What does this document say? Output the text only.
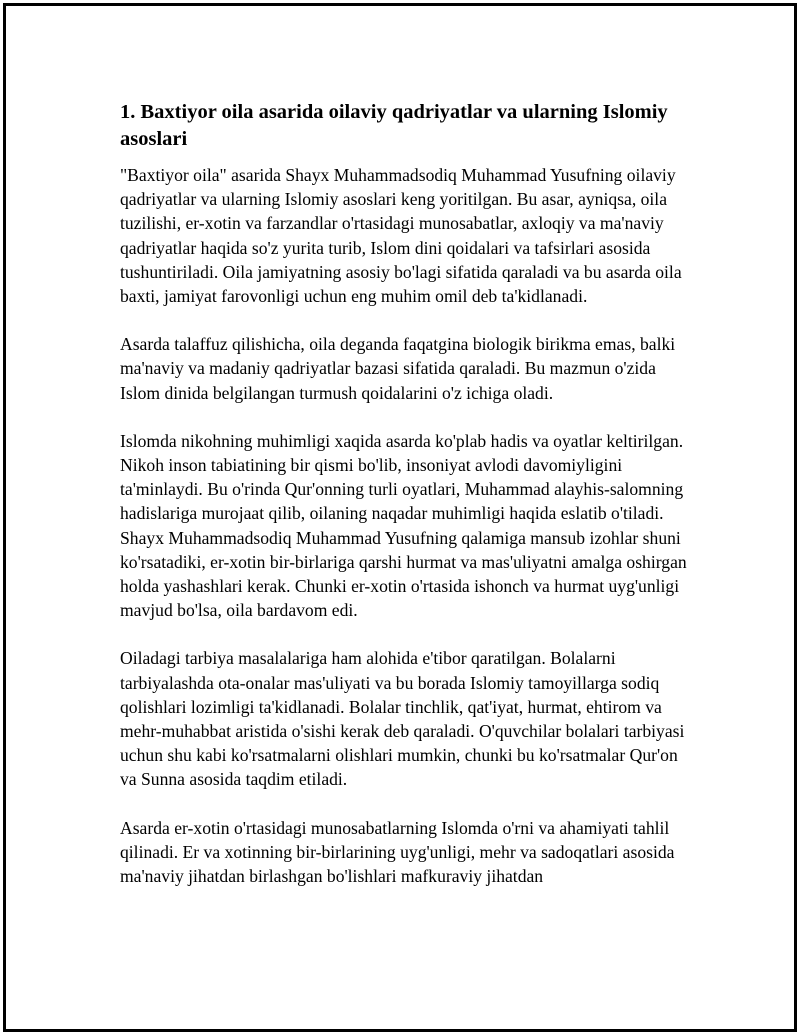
1. Baxtiyor oila asarida oilaviy qadriyatlar va ularning Islomiy asoslari

"Baxtiyor oila" asarida Shayx Muhammadsodiq Muhammad Yusufning oilaviy qadriyatlar va ularning Islomiy asoslari keng yoritilgan. Bu asar, ayniqsa, oila tuzilishi, er-xotin va farzandlar o'rtasidagi munosabatlar, axloqiy va ma'naviy qadriyatlar haqida so'z yurita turib, Islom dini qoidalari va tafsirlari asosida tushuntiriladi. Oila jamiyatning asosiy bo'lagi sifatida qaraladi va bu asarda oila baxti, jamiyat farovonligi uchun eng muhim omil deb ta'kidlanadi.

Asarda talaffuz qilishicha, oila deganda faqatgina biologik birikma emas, balki ma'naviy va madaniy qadriyatlar bazasi sifatida qaraladi. Bu mazmun o'zida Islom dinida belgilangan turmush qoidalarini o'z ichiga oladi.

Islomda nikohning muhimligi xaqida asarda ko'plab hadis va oyatlar keltirilgan. Nikoh inson tabiatining bir qismi bo'lib, insoniyat avlodi davomiyligini ta'minlaydi. Bu o'rinda Qur'onning turli oyatlari, Muhammad alayhis-salomning hadislariga murojaat qilib, oilaning naqadar muhimligi haqida eslatib o'tiladi. Shayx Muhammadsodiq Muhammad Yusufning qalamiga mansub izohlar shuni ko'rsatadiki, er-xotin bir-birlariga qarshi hurmat va mas'uliyatni amalga oshirgan holda yashashlari kerak. Chunki er-xotin o'rtasida ishonch va hurmat uyg'unligi mavjud bo'lsa, oila bardavom edi.

Oiladagi tarbiya masalalariga ham alohida e'tibor qaratilgan. Bolalarni tarbiyalashda ota-onalar mas'uliyati va bu borada Islomiy tamoyillarga sodiq qolishlari lozimligi ta'kidlanadi. Bolalar tinchlik, qat'iyat, hurmat, ehtirom va mehr-muhabbat aristida o'sishi kerak deb qaraladi. O'quvchilar bolalari tarbiyasi uchun shu kabi ko'rsatmalarni olishlari mumkin, chunki bu ko'rsatmalar Qur'on va Sunna asosida taqdim etiladi.

Asarda er-xotin o'rtasidagi munosabatlarning Islomda o'rni va ahamiyati tahlil qilinadi. Er va xotinning bir-birlarining uyg'unligi, mehr va sadoqatlari asosida ma'naviy jihatdan birlashgan bo'lishlari mafkuraviy jihatdan
